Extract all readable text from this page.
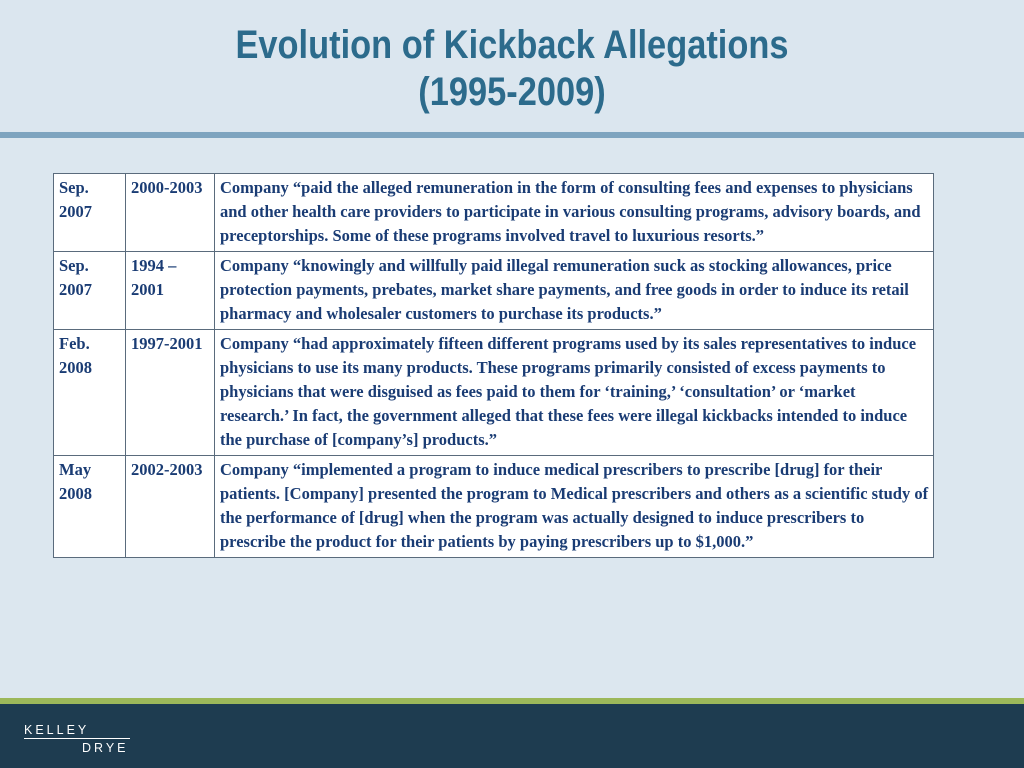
Evolution of Kickback Allegations
(1995-2009)
Sep. 2007	2000-2003	Company “paid the alleged remuneration in the form of consulting fees and expenses to physicians and other health care providers to participate in various consulting programs, advisory boards, and preceptorships. Some of these programs involved travel to luxurious resorts.”
Sep. 2007	1994 – 2001	Company “knowingly and willfully paid illegal remuneration suck as stocking allowances, price protection payments, prebates, market share payments, and free goods in order to induce its retail pharmacy and wholesaler customers to purchase its products.”
Feb. 2008	1997-2001	Company “had approximately fifteen different programs used by its sales representatives to induce physicians to use its many products. These programs primarily consisted of excess payments to physicians that were disguised as fees paid to them for ‘training,’ ‘consultation’ or ‘market research.’ In fact, the government alleged that these fees were illegal kickbacks intended to induce the purchase of [company’s] products.”
May 2008	2002-2003	Company “implemented a program to induce medical prescribers to prescribe [drug] for their patients. [Company] presented the program to Medical prescribers and others as a scientific study of the performance of [drug] when the program was actually designed to induce prescribers to prescribe the product for their patients by paying prescribers up to $1,000.”
KELLEY
DRYE
